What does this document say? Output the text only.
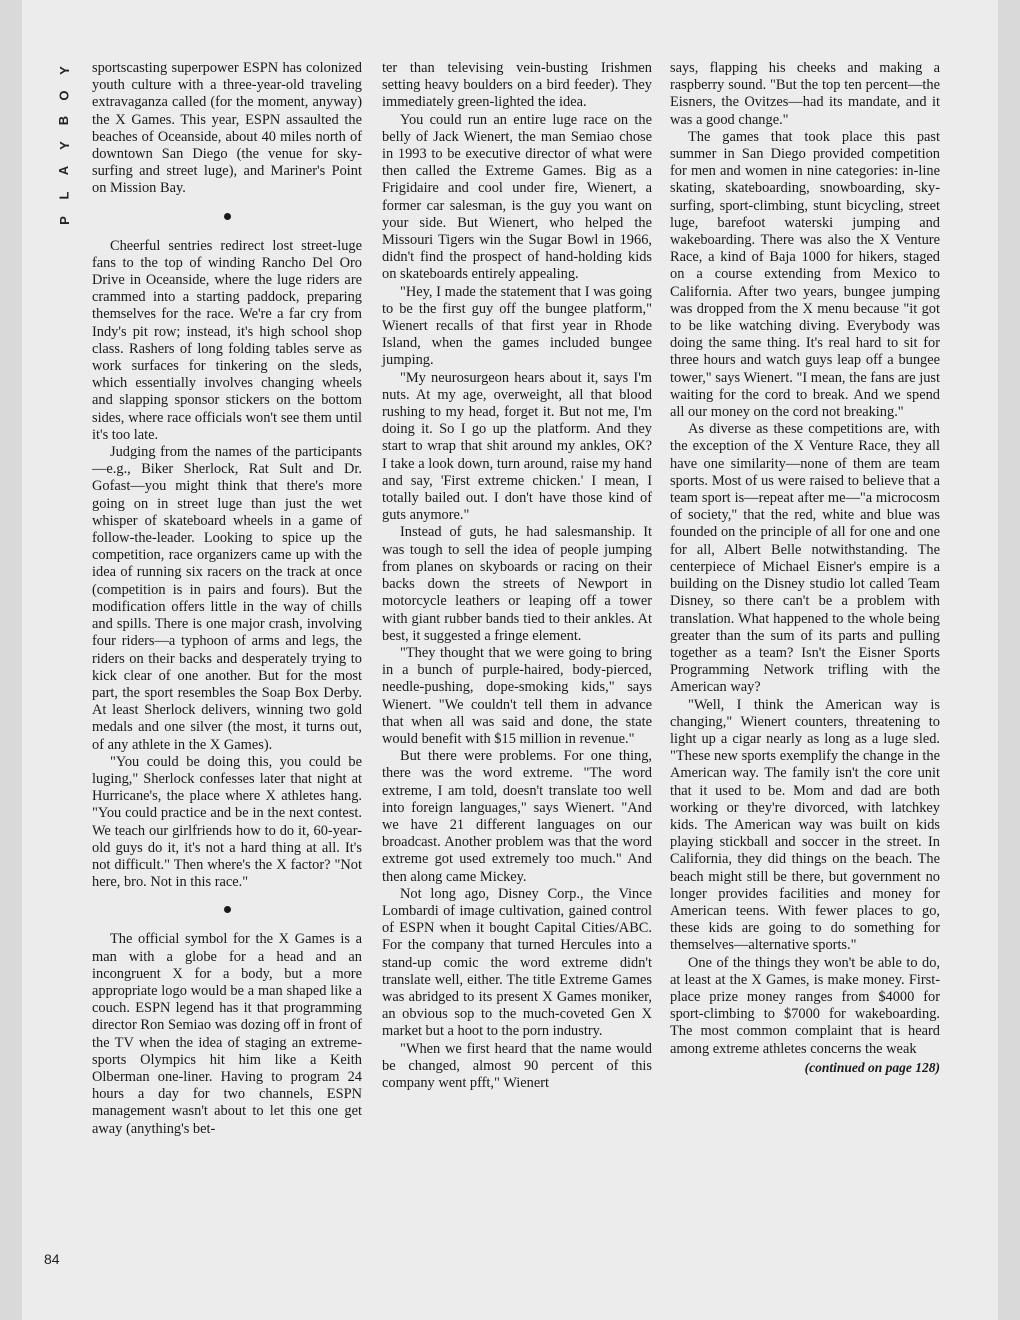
Y
O
B
Y
A
L
P

sportscasting superpower ESPN has colonized youth culture with a three-year-old traveling extravaganza called (for the moment, anyway) the X Games. This year, ESPN assaulted the beaches of Oceanside, about 40 miles north of downtown San Diego (the venue for sky-surfing and street luge), and Mariner's Point on Mission Bay.

Cheerful sentries redirect lost street-luge fans to the top of winding Rancho Del Oro Drive in Oceanside, where the luge riders are crammed into a starting paddock, preparing themselves for the race. We're a far cry from Indy's pit row; instead, it's high school shop class. Rashers of long folding tables serve as work surfaces for tinkering on the sleds, which essentially involves changing wheels and slapping sponsor stickers on the bottom sides, where race officials won't see them until it's too late.

Judging from the names of the participants—e.g., Biker Sherlock, Rat Sult and Dr. Gofast—you might think that there's more going on in street luge than just the wet whisper of skateboard wheels in a game of follow-the-leader. Looking to spice up the competition, race organizers came up with the idea of running six racers on the track at once (competition is in pairs and fours). But the modification offers little in the way of chills and spills. There is one major crash, involving four riders—a typhoon of arms and legs, the riders on their backs and desperately trying to kick clear of one another. But for the most part, the sport resembles the Soap Box Derby. At least Sherlock delivers, winning two gold medals and one silver (the most, it turns out, of any athlete in the X Games).

"You could be doing this, you could be luging," Sherlock confesses later that night at Hurricane's, the place where X athletes hang. "You could practice and be in the next contest. We teach our girlfriends how to do it, 60-year-old guys do it, it's not a hard thing at all. It's not difficult." Then where's the X factor? "Not here, bro. Not in this race."

The official symbol for the X Games is a man with a globe for a head and an incongruent X for a body, but a more appropriate logo would be a man shaped like a couch. ESPN legend has it that programming director Ron Semiao was dozing off in front of the TV when the idea of staging an extreme-sports Olympics hit him like a Keith Olberman one-liner. Having to program 24 hours a day for two channels, ESPN management wasn't about to let this one get away (anything's bet-

ter than televising vein-busting Irishmen setting heavy boulders on a bird feeder). They immediately green-lighted the idea.

You could run an entire luge race on the belly of Jack Wienert, the man Semiao chose in 1993 to be executive director of what were then called the Extreme Games. Big as a Frigidaire and cool under fire, Wienert, a former car salesman, is the guy you want on your side. But Wienert, who helped the Missouri Tigers win the Sugar Bowl in 1966, didn't find the prospect of hand-holding kids on skateboards entirely appealing.

"Hey, I made the statement that I was going to be the first guy off the bungee platform," Wienert recalls of that first year in Rhode Island, when the games included bungee jumping.

"My neurosurgeon hears about it, says I'm nuts. At my age, overweight, all that blood rushing to my head, forget it. But not me, I'm doing it. So I go up the platform. And they start to wrap that shit around my ankles, OK? I take a look down, turn around, raise my hand and say, 'First extreme chicken.' I mean, I totally bailed out. I don't have those kind of guts anymore."

Instead of guts, he had salesmanship. It was tough to sell the idea of people jumping from planes on skyboards or racing on their backs down the streets of Newport in motorcycle leathers or leaping off a tower with giant rubber bands tied to their ankles. At best, it suggested a fringe element.

"They thought that we were going to bring in a bunch of purple-haired, body-pierced, needle-pushing, dope-smoking kids," says Wienert. "We couldn't tell them in advance that when all was said and done, the state would benefit with $15 million in revenue."

But there were problems. For one thing, there was the word extreme. "The word extreme, I am told, doesn't translate too well into foreign languages," says Wienert. "And we have 21 different languages on our broadcast. Another problem was that the word extreme got used extremely too much." And then along came Mickey.

Not long ago, Disney Corp., the Vince Lombardi of image cultivation, gained control of ESPN when it bought Capital Cities/ABC. For the company that turned Hercules into a stand-up comic the word extreme didn't translate well, either. The title Extreme Games was abridged to its present X Games moniker, an obvious sop to the much-coveted Gen X market but a hoot to the porn industry.

"When we first heard that the name would be changed, almost 90 percent of this company went pfft," Wienert

says, flapping his cheeks and making a raspberry sound. "But the top ten percent—the Eisners, the Ovitzes—had its mandate, and it was a good change."

The games that took place this past summer in San Diego provided competition for men and women in nine categories: in-line skating, skateboarding, snowboarding, sky-surfing, sport-climbing, stunt bicycling, street luge, barefoot waterski jumping and wakeboarding. There was also the X Venture Race, a kind of Baja 1000 for hikers, staged on a course extending from Mexico to California. After two years, bungee jumping was dropped from the X menu because "it got to be like watching diving. Everybody was doing the same thing. It's real hard to sit for three hours and watch guys leap off a bungee tower," says Wienert. "I mean, the fans are just waiting for the cord to break. And we spend all our money on the cord not breaking."

As diverse as these competitions are, with the exception of the X Venture Race, they all have one similarity—none of them are team sports. Most of us were raised to believe that a team sport is—repeat after me—"a microcosm of society," that the red, white and blue was founded on the principle of all for one and one for all, Albert Belle notwithstanding. The centerpiece of Michael Eisner's empire is a building on the Disney studio lot called Team Disney, so there can't be a problem with translation. What happened to the whole being greater than the sum of its parts and pulling together as a team? Isn't the Eisner Sports Programming Network trifling with the American way?

"Well, I think the American way is changing," Wienert counters, threatening to light up a cigar nearly as long as a luge sled. "These new sports exemplify the change in the American way. The family isn't the core unit that it used to be. Mom and dad are both working or they're divorced, with latchkey kids. The American way was built on kids playing stickball and soccer in the street. In California, they did things on the beach. The beach might still be there, but government no longer provides facilities and money for American teens. With fewer places to go, these kids are going to do something for themselves—alternative sports."

One of the things they won't be able to do, at least at the X Games, is make money. First-place prize money ranges from $4000 for sport-climbing to $7000 for wakeboarding. The most common complaint that is heard among extreme athletes concerns the weak

(continued on page 128)
84
